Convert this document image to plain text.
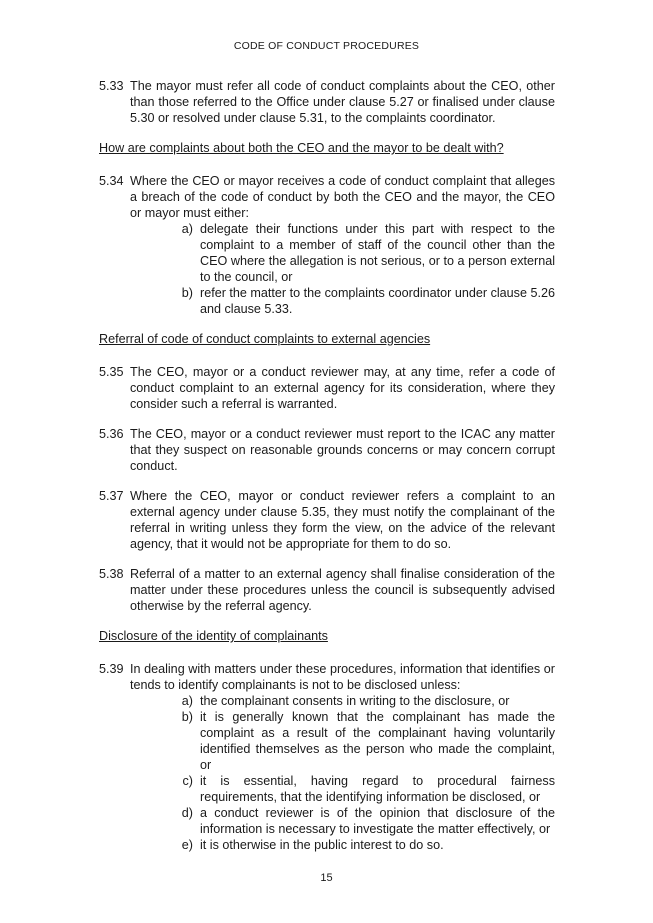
CODE OF CONDUCT PROCEDURES
5.33 The mayor must refer all code of conduct complaints about the CEO, other than those referred to the Office under clause 5.27 or finalised under clause 5.30 or resolved under clause 5.31, to the complaints coordinator.
How are complaints about both the CEO and the mayor to be dealt with?
5.34 Where the CEO or mayor receives a code of conduct complaint that alleges a breach of the code of conduct by both the CEO and the mayor, the CEO or mayor must either:
a) delegate their functions under this part with respect to the complaint to a member of staff of the council other than the CEO where the allegation is not serious, or to a person external to the council, or
b) refer the matter to the complaints coordinator under clause 5.26 and clause 5.33.
Referral of code of conduct complaints to external agencies
5.35 The CEO, mayor or a conduct reviewer may, at any time, refer a code of conduct complaint to an external agency for its consideration, where they consider such a referral is warranted.
5.36 The CEO, mayor or a conduct reviewer must report to the ICAC any matter that they suspect on reasonable grounds concerns or may concern corrupt conduct.
5.37 Where the CEO, mayor or conduct reviewer refers a complaint to an external agency under clause 5.35, they must notify the complainant of the referral in writing unless they form the view, on the advice of the relevant agency, that it would not be appropriate for them to do so.
5.38 Referral of a matter to an external agency shall finalise consideration of the matter under these procedures unless the council is subsequently advised otherwise by the referral agency.
Disclosure of the identity of complainants
5.39 In dealing with matters under these procedures, information that identifies or tends to identify complainants is not to be disclosed unless:
a) the complainant consents in writing to the disclosure, or
b) it is generally known that the complainant has made the complaint as a result of the complainant having voluntarily identified themselves as the person who made the complaint, or
c) it is essential, having regard to procedural fairness requirements, that the identifying information be disclosed, or
d) a conduct reviewer is of the opinion that disclosure of the information is necessary to investigate the matter effectively, or
e) it is otherwise in the public interest to do so.
15
